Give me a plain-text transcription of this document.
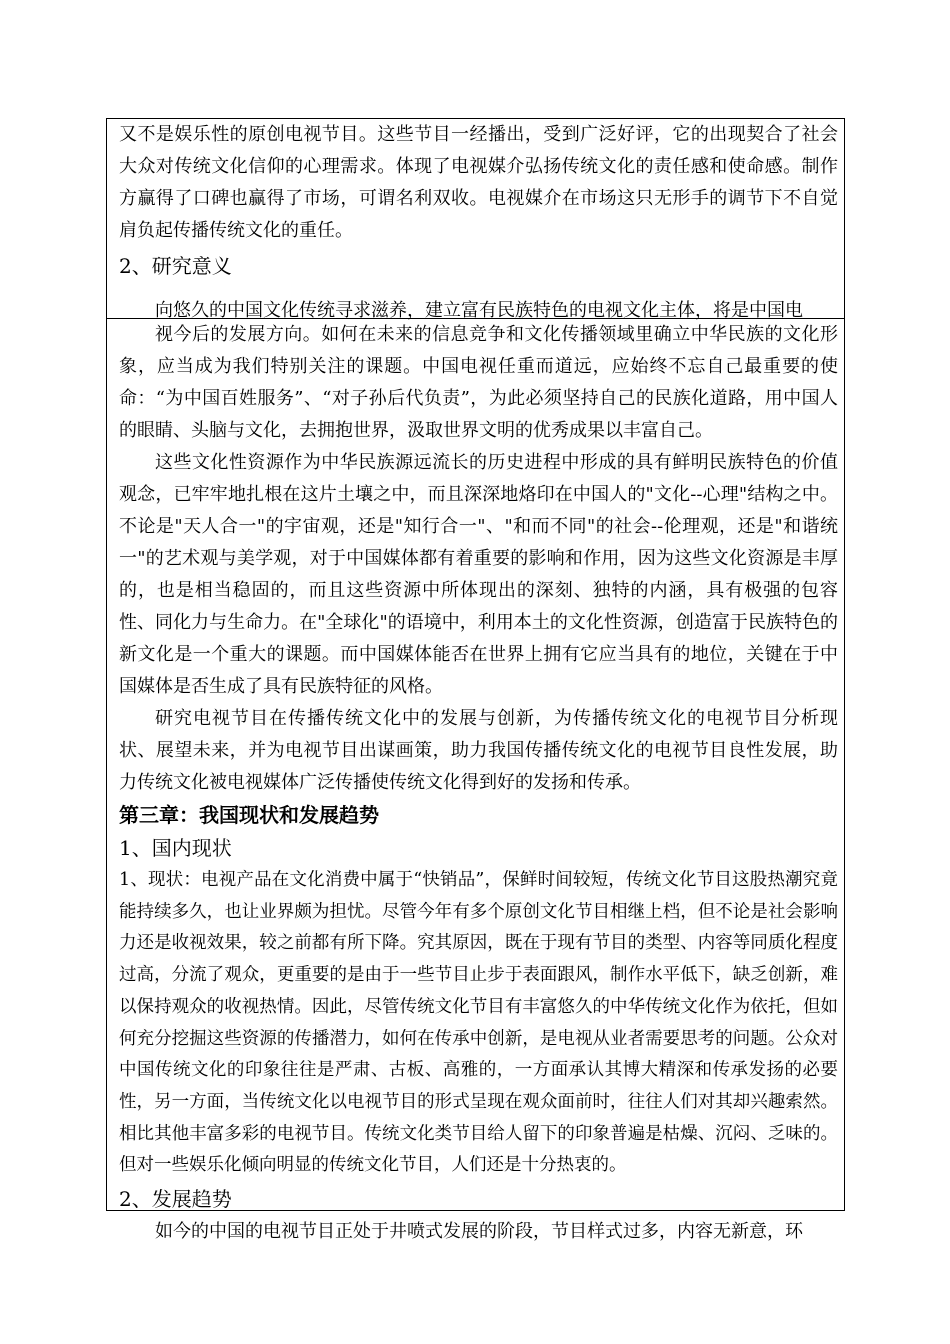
又不是娱乐性的原创电视节目。这些节目一经播出，受到广泛好评，它的出现契合了社会大众对传统文化信仰的心理需求。体现了电视媒介弘扬传统文化的责任感和使命感。制作方赢得了口碑也赢得了市场，可谓名利双收。电视媒介在市场这只无形手的调节下不自觉肩负起传播传统文化的重任。

2、研究意义

向悠久的中国文化传统寻求滋养，建立富有民族特色的电视文化主体，将是中国电

视今后的发展方向。如何在未来的信息竞争和文化传播领域里确立中华民族的文化形象，应当成为我们特别关注的课题。中国电视任重而道远，应始终不忘自己最重要的使命：“为中国百姓服务”、“对子孙后代负责”，为此必须坚持自己的民族化道路，用中国人的眼睛、头脑与文化，去拥抱世界，汲取世界文明的优秀成果以丰富自己。

这些文化性资源作为中华民族源远流长的历史进程中形成的具有鲜明民族特色的价值观念，已牢牢地扎根在这片土壤之中，而且深深地烙印在中国人的"文化--心理"结构之中。不论是"天人合一"的宇宙观，还是"知行合一"、"和而不同"的社会--伦理观，还是"和谐统一"的艺术观与美学观，对于中国媒体都有着重要的影响和作用，因为这些文化资源是丰厚的，也是相当稳固的，而且这些资源中所体现出的深刻、独特的内涵，具有极强的包容性、同化力与生命力。在"全球化"的语境中，利用本土的文化性资源，创造富于民族特色的新文化是一个重大的课题。而中国媒体能否在世界上拥有它应当具有的地位，关键在于中国媒体是否生成了具有民族特征的风格。

研究电视节目在传播传统文化中的发展与创新，为传播传统文化的电视节目分析现状、展望未来，并为电视节目出谋画策，助力我国传播传统文化的电视节目良性发展，助力传统文化被电视媒体广泛传播使传统文化得到好的发扬和传承。

第三章：我国现状和发展趋势

1、国内现状

1、现状：电视产品在文化消费中属于“快销品”，保鲜时间较短，传统文化节目这股热潮究竟能持续多久，也让业界颇为担忧。尽管今年有多个原创文化节目相继上档，但不论是社会影响力还是收视效果，较之前都有所下降。究其原因，既在于现有节目的类型、内容等同质化程度过高，分流了观众，更重要的是由于一些节目止步于表面跟风，制作水平低下，缺乏创新，难以保持观众的收视热情。因此，尽管传统文化节目有丰富悠久的中华传统文化作为依托，但如何充分挖掘这些资源的传播潜力，如何在传承中创新，是电视从业者需要思考的问题。公众对中国传统文化的印象往往是严肃、古板、高雅的，一方面承认其博大精深和传承发扬的必要性，另一方面，当传统文化以电视节目的形式呈现在观众面前时，往往人们对其却兴趣索然。相比其他丰富多彩的电视节目。传统文化类节目给人留下的印象普遍是枯燥、沉闷、乏味的。但对一些娱乐化倾向明显的传统文化节目，人们还是十分热衷的。

2、发展趋势

如今的中国的电视节目正处于井喷式发展的阶段，节目样式过多，内容无新意，环
